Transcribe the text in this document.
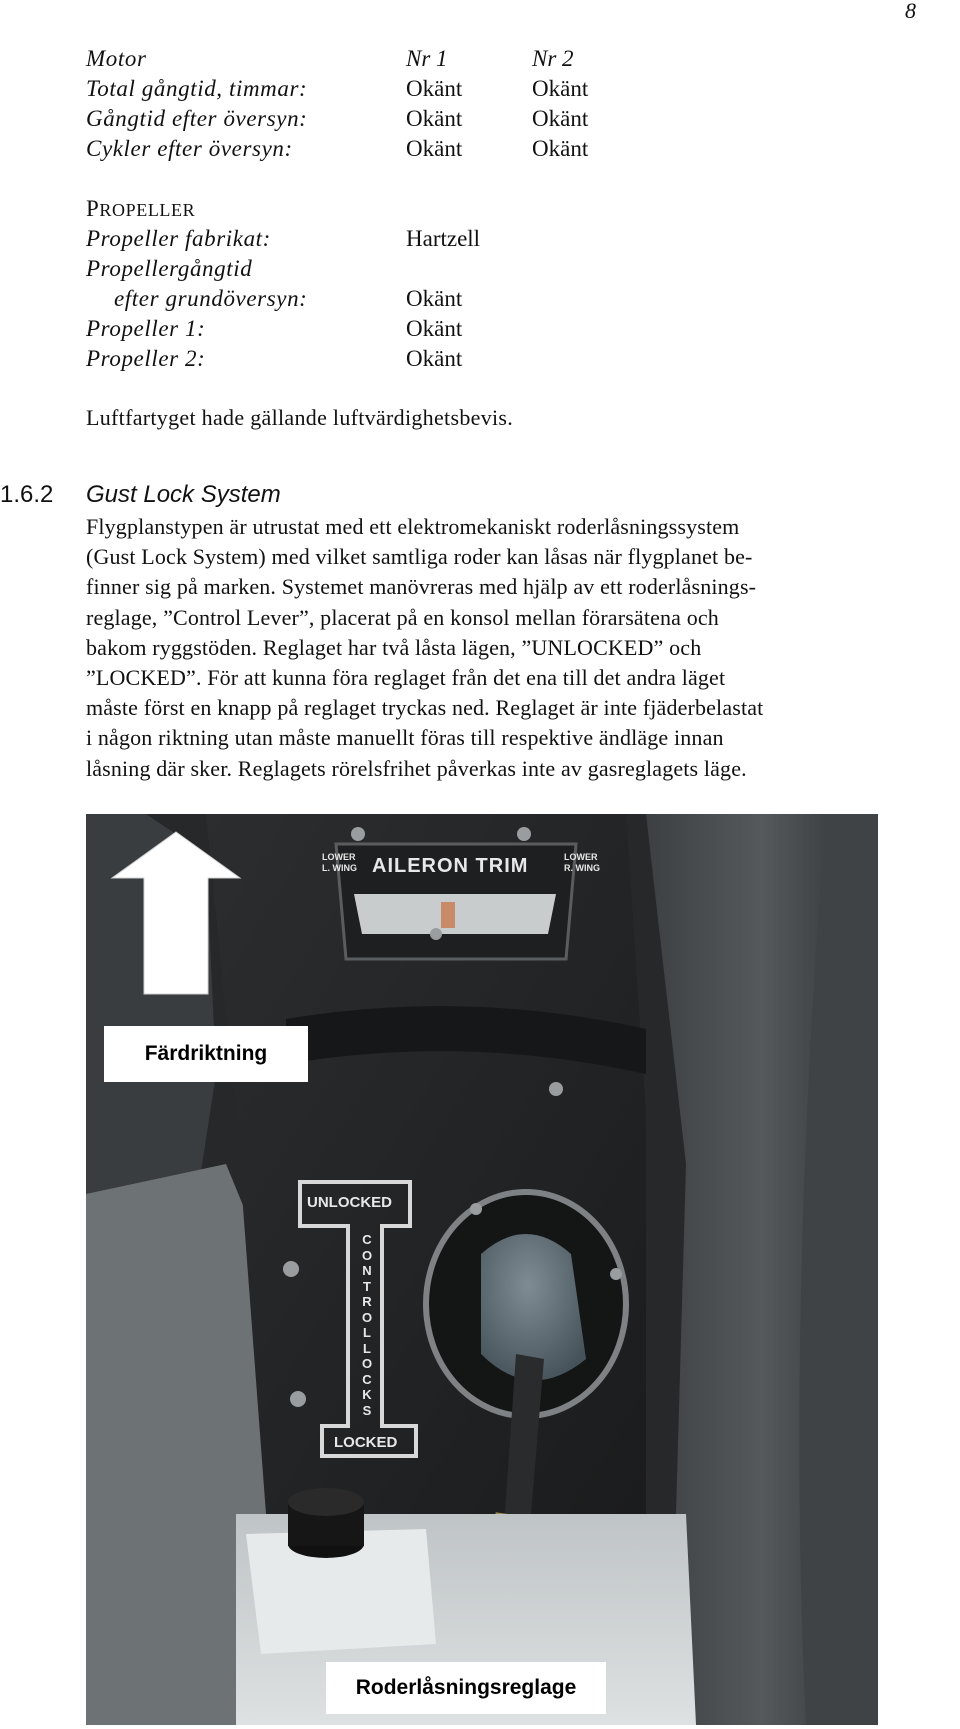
8
Motor	Nr 1	Nr 2
Total gångtid, timmar:	Okänt	Okänt
Gångtid efter översyn:	Okänt	Okänt
Cykler efter översyn:	Okänt	Okänt
PROPELLER
Propeller fabrikat:	Hartzell
Propellergångtid
efter grundöversyn:	Okänt
Propeller 1:	Okänt
Propeller 2:	Okänt
Luftfartyget hade gällande luftvärdighetsbevis.
1.6.2 Gust Lock System
Flygplanstypen är utrustat med ett elektromekaniskt roderlåsningssystem
(Gust Lock System) med vilket samtliga roder kan låsas när flygplanet be-
finner sig på marken. Systemet manövreras med hjälp av ett roderlåsnings-
reglage, ”Control Lever”, placerat på en konsol mellan förarsätena och
bakom ryggstöden. Reglaget har två låsta lägen, ”UNLOCKED” och
”LOCKED”. För att kunna föra reglaget från det ena till det andra läget
måste först en knapp på reglaget tryckas ned. Reglaget är inte fjäderbelastat
i någon riktning utan måste manuellt föras till respektive ändläge innan
låsning där sker. Reglagets rörelsfrihet påverkas inte av gasreglagets läge.
AILERON TRIM
LOWER
L. WING
LOWER
R. WING
UNLOCKED
LOCKED
CONTROL LOCKS
Färdriktning
Roderlåsningsreglage
